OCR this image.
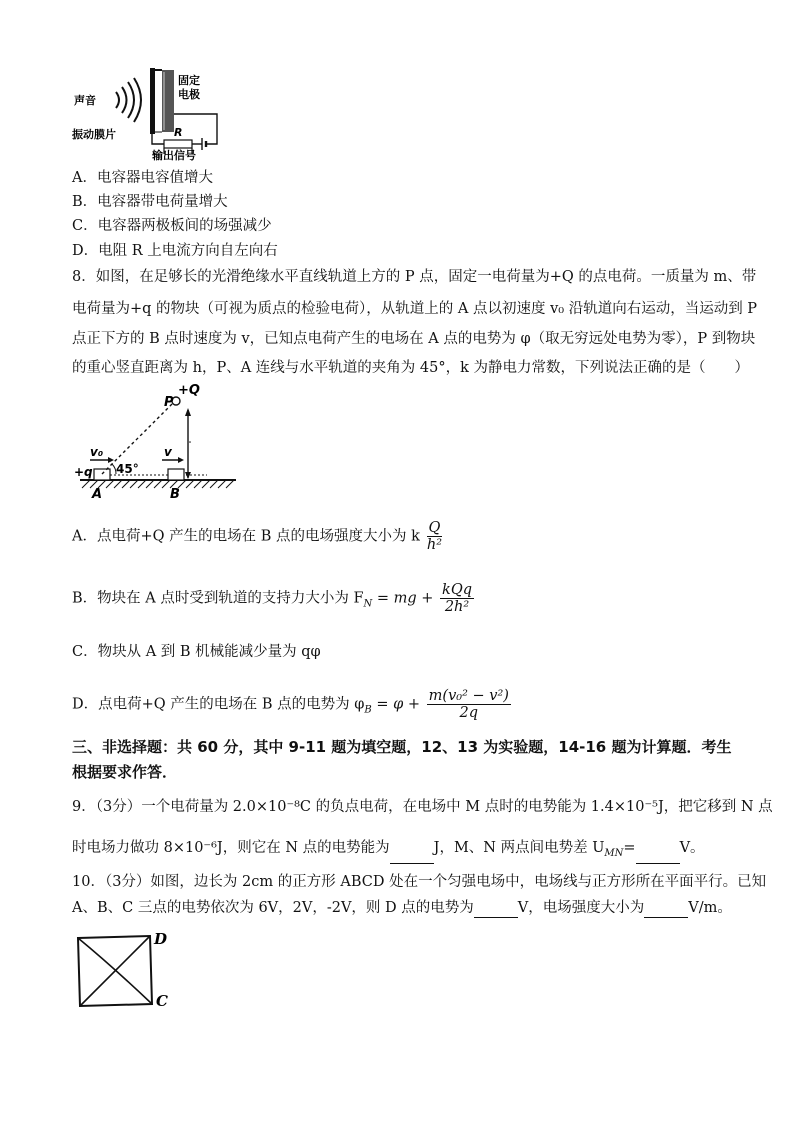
声音
固定
电极
振动膜片	R
输出信号
A．电容器电容值增大
B．电容器带电荷量增大
C．电容器两极板间的场强减少
D．电阻 R 上电流方向自左向右
8．如图，在足够长的光滑绝缘水平直线轨道上方的 P 点，固定一电荷量为+Q 的点电荷。一质量为 m、带
电荷量为+q 的物块（可视为质点的检验电荷），从轨道上的 A 点以初速度 v₀ 沿轨道向右运动，当运动到 P
点正下方的 B 点时速度为 v，已知点电荷产生的电场在 A 点的电势为 φ（取无穷远处电势为零），P 到物块
的重心竖直距离为 h，P、A 连线与水平轨道的夹角为 45°，k 为静电力常数，下列说法正确的是（　　）
P
+Q
v₀
+q 45°
v
A	B
A．点电荷+Q 产生的电场在 B 点的电场强度大小为 k $\frac{Q}{\text{h²}}$
B．物块在 A 点时受到轨道的支持力大小为 $F_N$ = mg + $\frac{\text{kQq}}{\text{2h²}}$
C．物块从 A 到 B 机械能减少量为 qφ
D．点电荷+Q 产生的电场在 B 点的电势为 $\varphi_B = \varphi + \frac{\text{m(v₀² − v²)}}{2q}$
三、非选择题：共 60 分，其中 9-11 题为填空题，12、13 为实验题，14-16 题为计算题．考生
根据要求作答．
9．（3分）一个电荷量为 2.0×10⁻⁸C 的负点电荷，在电场中 M 点时的电势能为 1.4×10⁻⁵J，把它移到 N 点
时电场力做功 8×10⁻⁶J，则它在 N 点的电势能为	J，M、N 两点间电势差 $U_{MN}=$	V。
10．（3分）如图，边长为 2cm 的正方形 ABCD 处在一个匀强电场中，电场线与正方形所在平面平行。已知
A、B、C 三点的电势依次为 6V，2V，-2V，则 D 点的电势为	V，电场强度大小为	V/m。
D
C
